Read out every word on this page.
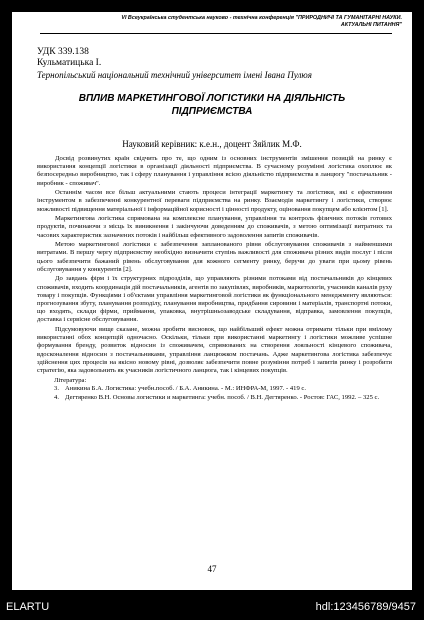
VI Всеукраїнська студентська науково - технічна конференція "ПРИРОДНИЧІ ТА ГУМАНІТАРНІ НАУКИ.
АКТУАЛЬНІ ПИТАННЯ"
УДК 339.138
Кульматицька І.
Тернопільський національний технічний університет імені Івана Пулюя
ВПЛИВ МАРКЕТИНГОВОЇ ЛОГІСТИКИ НА ДІЯЛЬНІСТЬ
ПІДПРИЄМСТВА
Науковий керівник: к.е.н., доцент Зяйлик М.Ф.

Досвід розвинутих країн свідчить про те, що одним із основних інструментів змішення позицій на ринку є використання концепції логістики в організації діяльності підприємства. В сучасному розумінні логістика охоплює як безпосередньо виробництво, так і сферу планування і управління всією діяльністю підприємства в ланцюгу "постачальник - виробник - споживач".

Останнім часом все більш актуальними стають процеси інтеграції маркетингу та логістики, які є ефективним інструментом в забезпеченні конкурентної переваги підприємства на ринку. Взаємодія маркетингу і логістики, створює можливості підвищення матеріальної і інформаційної корисності і цінності продукту, оціновання покупцем або клієнтом [1].

Маркетингова логістика спрямована на комплексне планування, управління та контроль фізичних потоків готових продуктів, починаючи з місць їх виникнення і закінчуючи доведенням до споживачів, з метою оптимізації витратних та часових характеристик зазначених потоків і найбільш ефективного задоволення запитів споживачів.

Метою маркетингової логістики є забезпечення запланованого рівня обслуговування споживачів з найменшими витратами. В першу чергу підприємству необхідно визначити ступінь важливості для споживача різних видів послуг і після цього забезпечити бажаний рівень обслуговування для кожного сегменту ринку, беручи до уваги при цьому рівень обслуговування у конкурентів [2].

До завдань фірм і їх структурних підрозділів, що управляють різними потоками від постачальників до кінцевих споживачів, входить координація дій постачальників, агентів по закупівлях, виробників, маркетологів, учасників каналів руху товару і покупців. Функціями і об'єктами управління маркетинговой логістики як функціонального менеджменту являються: прогнозування збуту, планування розподілу, планування виробництва, придбання сировини і матеріалів, транспортні потоки, що входять, склади фірми, приймання, упаковка, внутрішньозаводське складування, відправка, замовлення покупців, доставка і сервісне обслуговування.

Підсумовуючи вище сказане, можна зробити висновок, що найбільший ефект можна отримати тільки при вмілому використанні обох концепцій одночасно. Оскільки, тільки при використанні маркетингу і логістики можливе успішне формування бренду, розвиток відносин із споживачем, спрямованих на створення лояльності кінцевого споживача, вдосконалення відносин з постачальниками, управління ланцюжком постачань. Адже маркетингова логістика забезпечує здійснення цих процесів на якісно новому рівні, дозволяє забезпечити повне розуміння потреб і запитів ринку і розробити стратегію, яка задовольнить як учасників логістичного ланцюга, так і кінцевих покупців.

Література:

3. Аникина Б.А. Логистика: учебн.пособ. / Б.А. Аникина. - М.: ИНФРА-М, 1997. - 419 с.
4. Дегтяренко В.Н. Основы логистики и маркетинга: учебн. пособ. / В.Н. Дегтяренко. - Ростов: ГАС, 1992. – 325 с.
47
ELARTU	hdl:123456789/9457
